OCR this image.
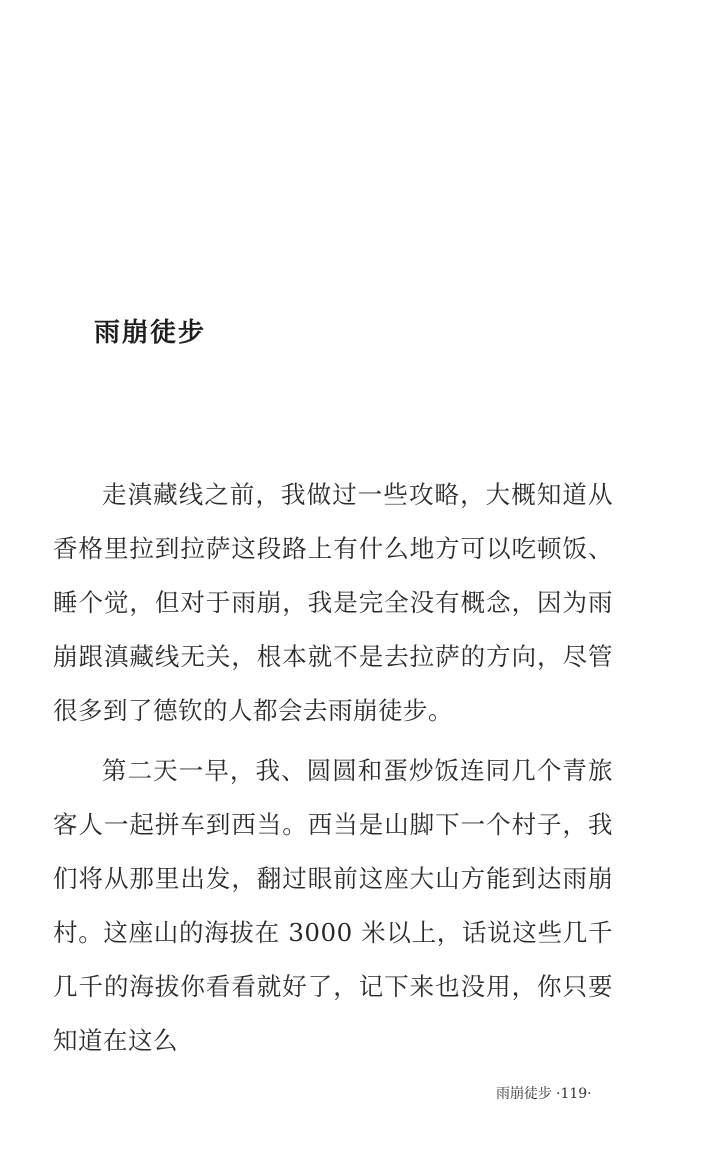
雨崩徒步

走滇藏线之前，我做过一些攻略，大概知道从香格里拉到拉萨这段路上有什么地方可以吃顿饭、睡个觉，但对于雨崩，我是完全没有概念，因为雨崩跟滇藏线无关，根本就不是去拉萨的方向，尽管很多到了德钦的人都会去雨崩徒步。

第二天一早，我、圆圆和蛋炒饭连同几个青旅客人一起拼车到西当。西当是山脚下一个村子，我们将从那里出发，翻过眼前这座大山方能到达雨崩村。这座山的海拔在 3000 米以上，话说这些几千几千的海拔你看看就好了，记下来也没用，你只要知道在这么

雨崩徒步 ·119·
